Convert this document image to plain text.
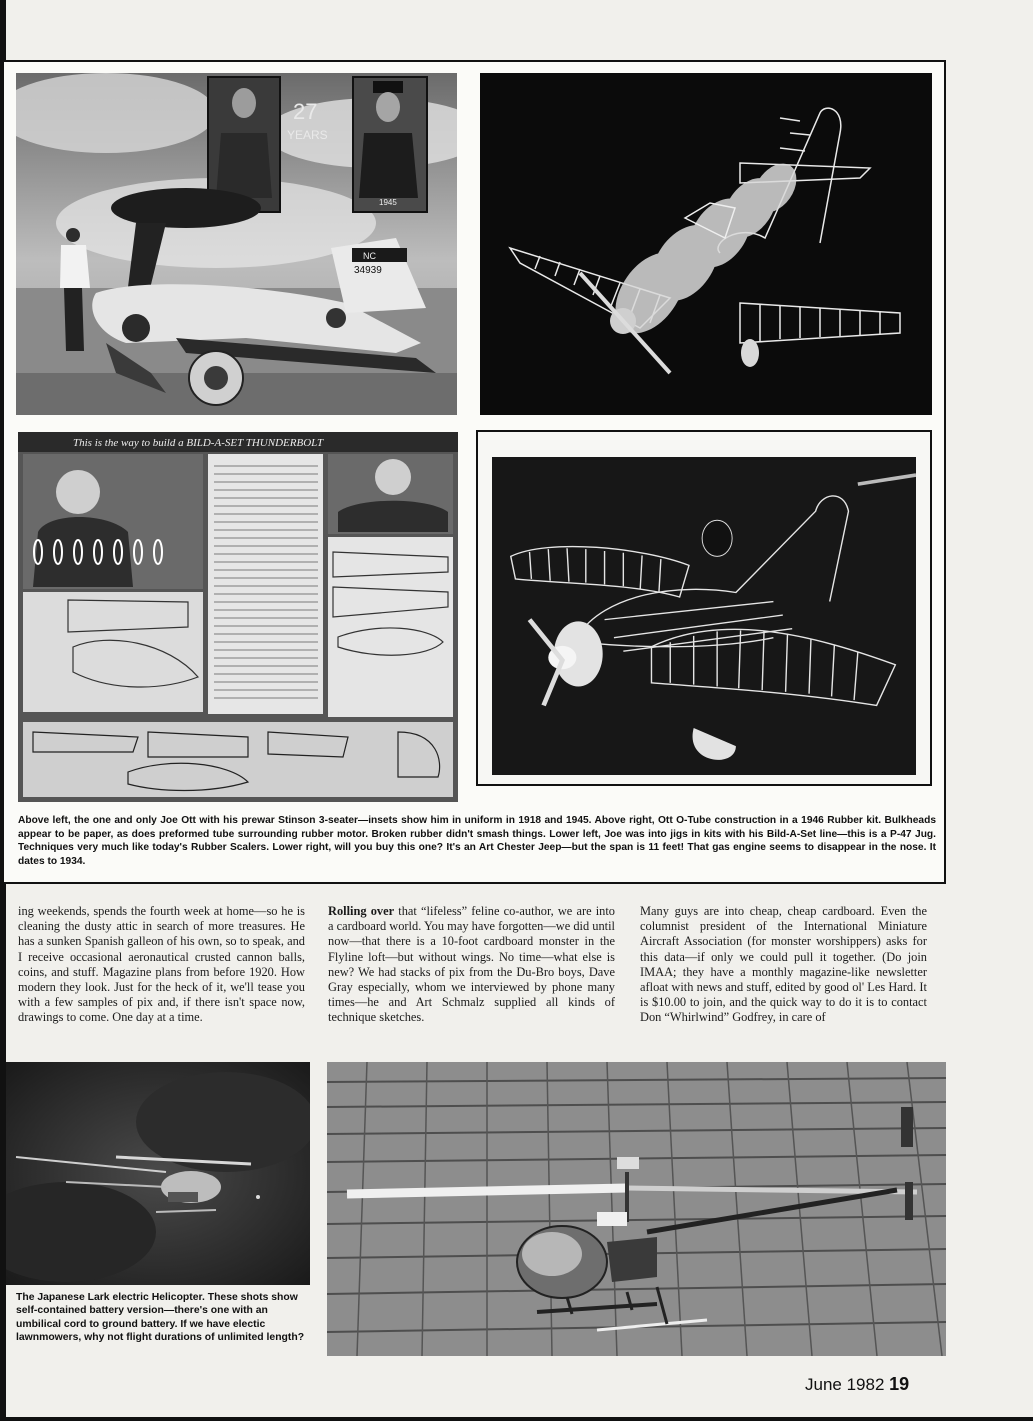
27
YEARS
1945
NC
34939
This is the way to build a BILD-A-SET THUNDERBOLT
Above left, the one and only Joe Ott with his prewar Stinson 3-seater—insets show him in uniform in 1918 and 1945. Above right, Ott O-Tube construction in a 1946 Rubber kit. Bulkheads appear to be paper, as does preformed tube surrounding rubber motor. Broken rubber didn't smash things. Lower left, Joe was into jigs in kits with his Bild-A-Set line—this is a P-47 Jug. Techniques very much like today's Rubber Scalers. Lower right, will you buy this one? It's an Art Chester Jeep—but the span is 11 feet! That gas engine seems to disappear in the nose. It dates to 1934.
ing weekends, spends the fourth week at home—so he is cleaning the dusty attic in search of more treasures. He has a sunken Spanish galleon of his own, so to speak, and I receive occasional aeronautical crusted cannon balls, coins, and stuff. Magazine plans from before 1920. How modern they look. Just for the heck of it, we'll tease you with a few samples of pix and, if there isn't space now, drawings to come. One day at a time.
Rolling over that “lifeless” feline co-author, we are into a cardboard world. You may have forgotten—we did until now—that there is a 10-foot cardboard monster in the Flyline loft—but without wings. No time—what else is new? We had stacks of pix from the Du-Bro boys, Dave Gray especially, whom we interviewed by phone many times—he and Art Schmalz supplied all kinds of technique sketches.
Many guys are into cheap, cheap cardboard. Even the columnist president of the International Miniature Aircraft Association (for monster worshippers) asks for this data—if only we could pull it together. (Do join IMAA; they have a monthly magazine-like newsletter afloat with news and stuff, edited by good ol' Les Hard. It is $10.00 to join, and the quick way to do it is to contact Don “Whirlwind” Godfrey, in care of
The Japanese Lark electric Helicopter. These shots show self-contained battery version—there's one with an umbilical cord to ground battery. If we have electic lawnmowers, why not flight durations of unlimited length?
June 1982 19
